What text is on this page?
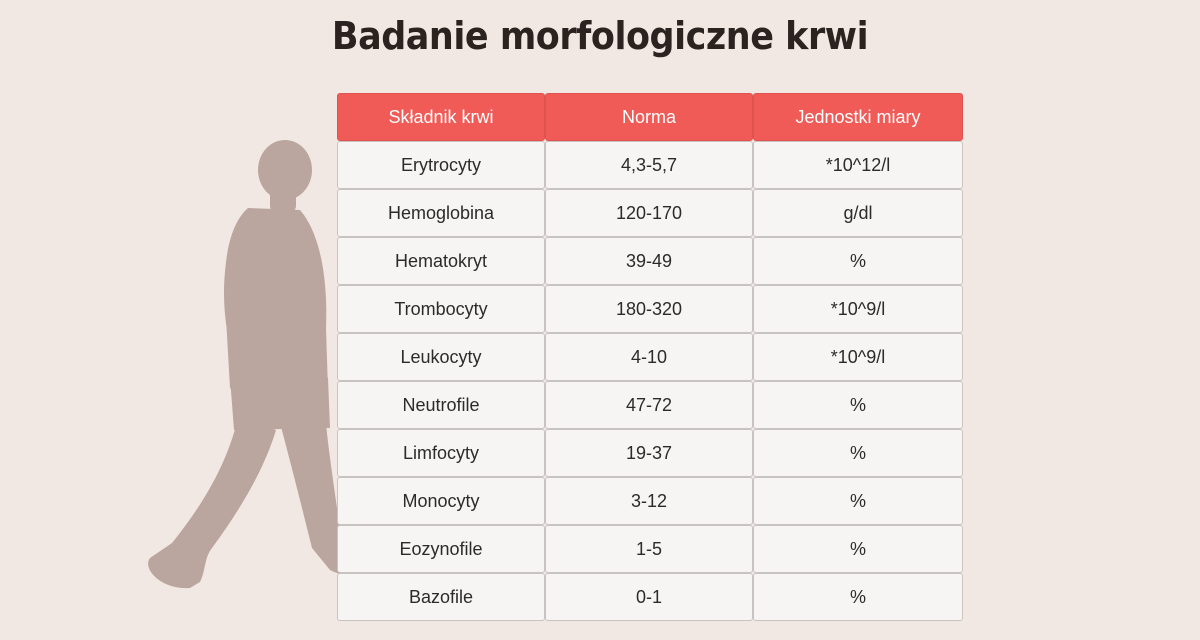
Badanie morfologiczne krwi
Składnik krwi	Norma	Jednostki miary
Erytrocyty	4,3-5,7	*10^12/l
Hemoglobina	120-170	g/dl
Hematokryt	39-49	%
Trombocyty	180-320	*10^9/l
Leukocyty	4-10	*10^9/l
Neutrofile	47-72	%
Limfocyty	19-37	%
Monocyty	3-12	%
Eozynofile	1-5	%
Bazofile	0-1	%
